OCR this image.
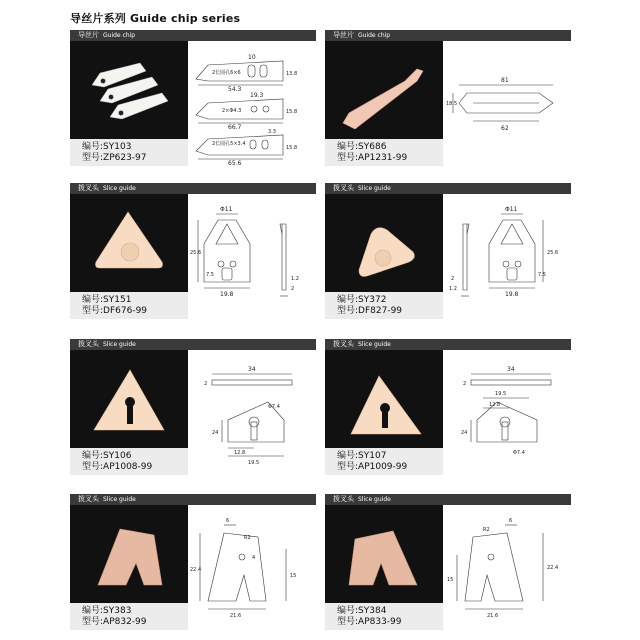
导丝片系列 Guide chip series
导丝片 Guide chip
10
2长圆孔6×6
54.3
13.8
19.3
2×Φ4.3	15.8
66.7
2长圆孔5×3.4
3.3
15.8
65.6
编号:SY103
型号:ZP623-97
导丝片 Guide chip
81
18.5
62
编号:SY686
型号:AP1231-99
拨叉头 Slice guide
Φ11
25.6
7.5
19.8
1.2
2
编号:SY151
型号:DF676-99
拨叉头 Slice guide
Φ11
25.6
7.5
19.8
2
1.2
编号:SY372
型号:DF827-99
拨叉头 Slice guide
34
2
Φ7.4
24
12.8
19.5
编号:SY106
型号:AP1008-99
拨叉头 Slice guide
34
2
19.5
12.8
24
Φ7.4
编号:SY107
型号:AP1009-99
拨叉头 Slice guide
6
R2
22.4
15
4
21.6
编号:SY383
型号:AP832-99
拨叉头 Slice guide
R2
6
15
22.4
21.6
编号:SY384
型号:AP833-99
